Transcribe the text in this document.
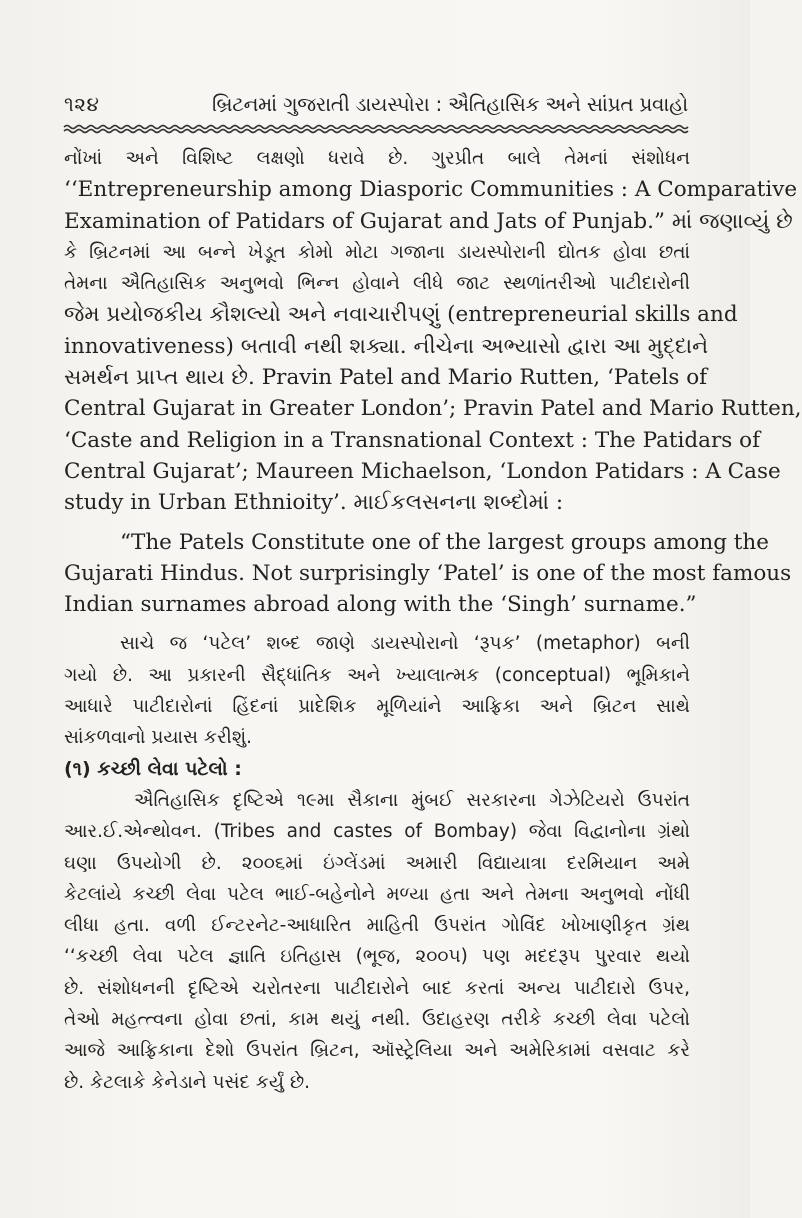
૧૨૪	બ્રિટનમાં ગુજરાતી ડાયસ્પોરા : ઐતિહાસિક અને સાંપ્રત પ્રવાહો
નોંખાં અને વિશિષ્ટ લક્ષણો ધરાવે છે. ગુરપ્રીત બાલે તેમનાં સંશોધન
‘‘Entrepreneurship among Diasporic Communities : A Comparative
Examination of Patidars of Gujarat and Jats of Punjab.” માં જણાવ્યું છે
કે બ્રિટનમાં આ બન્ને ખેડૂત કોમો મોટા ગજાના ડાયસ્પોરાની દ્યોતક હોવા છતાં
તેમના ઐતિહાસિક અનુભવો ભિન્ન હોવાને લીધે જાટ સ્થળાંતરીઓ પાટીદારોની
જેમ પ્રયોજકીય કૌશલ્યો અને નવાચારીપણું (entrepreneurial skills and
innovativeness) બતાવી નથી શક્યા. નીચેના અભ્યાસો દ્વારા આ મુદ્દાને
સમર્થન પ્રાપ્ત થાય છે. Pravin Patel and Mario Rutten, ‘Patels of
Central Gujarat in Greater London’; Pravin Patel and Mario Rutten,
‘Caste and Religion in a Transnational Context : The Patidars of
Central Gujarat’; Maureen Michaelson, ‘London Patidars : A Case
study in Urban Ethnioity’. માઈકલસનના શબ્દોમાં :
“The Patels Constitute one of the largest groups among the
Gujarati Hindus. Not surprisingly ‘Patel’ is one of the most famous
Indian surnames abroad along with the ‘Singh’ surname.”
સાચે જ ‘પટેલ’ શબ્દ જાણે ડાયસ્પોરાનો ‘રૂપક’ (metaphor) બની
ગયો છે. આ પ્રકારની સૈદ્ધાંતિક અને ખ્યાલાત્મક (conceptual) ભૂમિકાને
આધારે પાટીદારોનાં હિંદનાં પ્રાદેશિક મૂળિયાંને આફ્રિકા અને બ્રિટન સાથે
સાંકળવાનો પ્રયાસ કરીશું.
(૧) કચ્છી લેવા પટેલો :
ઐતિહાસિક દૃષ્ટિએ ૧૯મા સૈકાના મુંબઈ સરકારના ગેઝેટિયરો ઉપરાંત
આર.ઈ.એન્થોવન. (Tribes and castes of Bombay) જેવા વિદ્વાનોના ગ્રંથો
ઘણા ઉપયોગી છે. ૨૦૦૬માં ઇંગ્લેંડમાં અમારી વિદ્યાયાત્રા દરમિયાન અમે
કેટલાંયે કચ્છી લેવા પટેલ ભાઈ-બહેનોને મળ્યા હતા અને તેમના અનુભવો નોંધી
લીધા હતા. વળી ઈન્ટરનેટ-આધારિત માહિતી ઉપરાંત ગોવિંદ ખોખાણીકૃત ગ્રંથ
‘‘કચ્છી લેવા પટેલ જ્ઞાતિ ઇતિહાસ (ભૂજ, ૨૦૦૫) પણ મદદરૂપ પુરવાર થયો
છે. સંશોધનની દૃષ્ટિએ ચરોતરના પાટીદારોને બાદ કરતાં અન્ય પાટીદારો ઉપર,
તેઓ મહત્ત્વના હોવા છતાં, કામ થયું નથી. ઉદાહરણ તરીકે કચ્છી લેવા પટેલો
આજે આફ્રિકાના દેશો ઉપરાંત બ્રિટન, ઑસ્ટ્રેલિયા અને અમેરિકામાં વસવાટ કરે
છે. કેટલાકે કેનેડાને પસંદ કર્યું છે.
